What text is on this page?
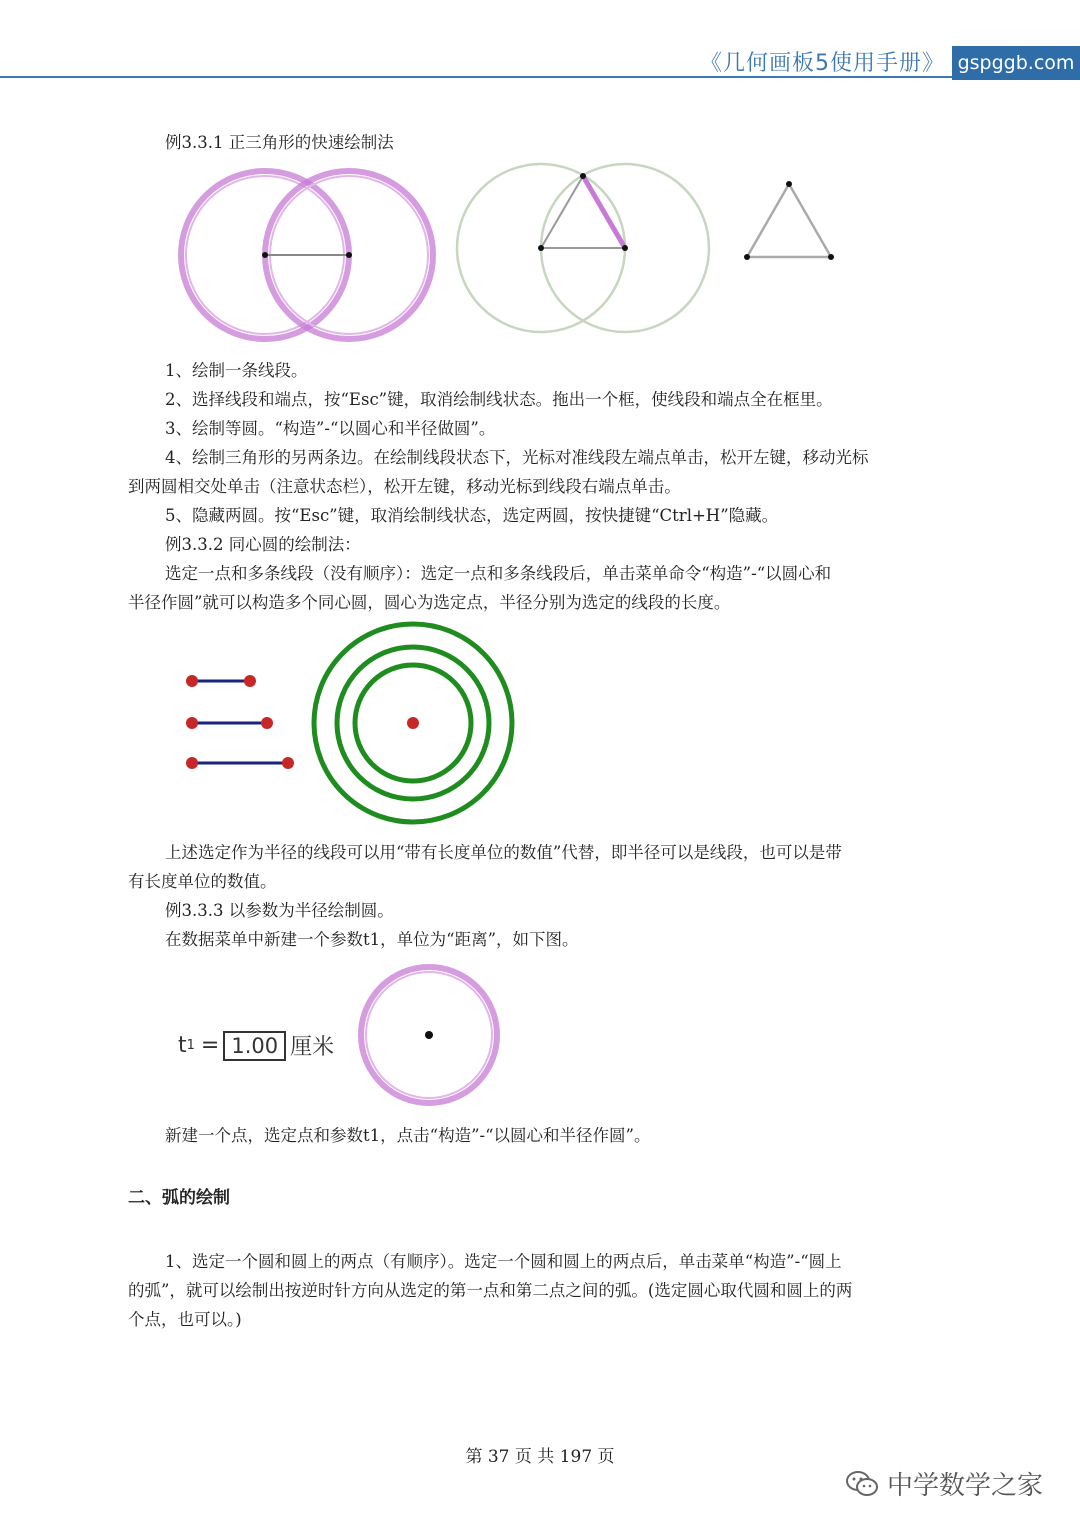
《几何画板5使用手册》 gspggb.com
例3.3.1 正三角形的快速绘制法
1、绘制一条线段。
2、选择线段和端点，按“Esc”键，取消绘制线状态。拖出一个框，使线段和端点全在框里。
3、绘制等圆。“构造”-“以圆心和半径做圆”。
4、绘制三角形的另两条边。在绘制线段状态下，光标对准线段左端点单击，松开左键，移动光标
到两圆相交处单击（注意状态栏），松开左键，移动光标到线段右端点单击。
5、隐藏两圆。按“Esc”键，取消绘制线状态，选定两圆，按快捷键“Ctrl+H”隐藏。
例3.3.2 同心圆的绘制法：
选定一点和多条线段（没有顺序）：选定一点和多条线段后，单击菜单命令“构造”-“以圆心和
半径作圆”就可以构造多个同心圆，圆心为选定点，半径分别为选定的线段的长度。
上述选定作为半径的线段可以用“带有长度单位的数值”代替，即半径可以是线段，也可以是带
有长度单位的数值。
例3.3.3 以参数为半径绘制圆。
在数据菜单中新建一个参数t1，单位为“距离”，如下图。
t 1 = 1.00 厘米
新建一个点，选定点和参数t1，点击“构造”-“以圆心和半径作圆”。
二、弧的绘制
1、选定一个圆和圆上的两点（有顺序）。选定一个圆和圆上的两点后，单击菜单“构造”-“圆上
的弧”，就可以绘制出按逆时针方向从选定的第一点和第二点之间的弧。(选定圆心取代圆和圆上的两
个点，也可以。)
第 37 页 共 197 页
中学数学之家
